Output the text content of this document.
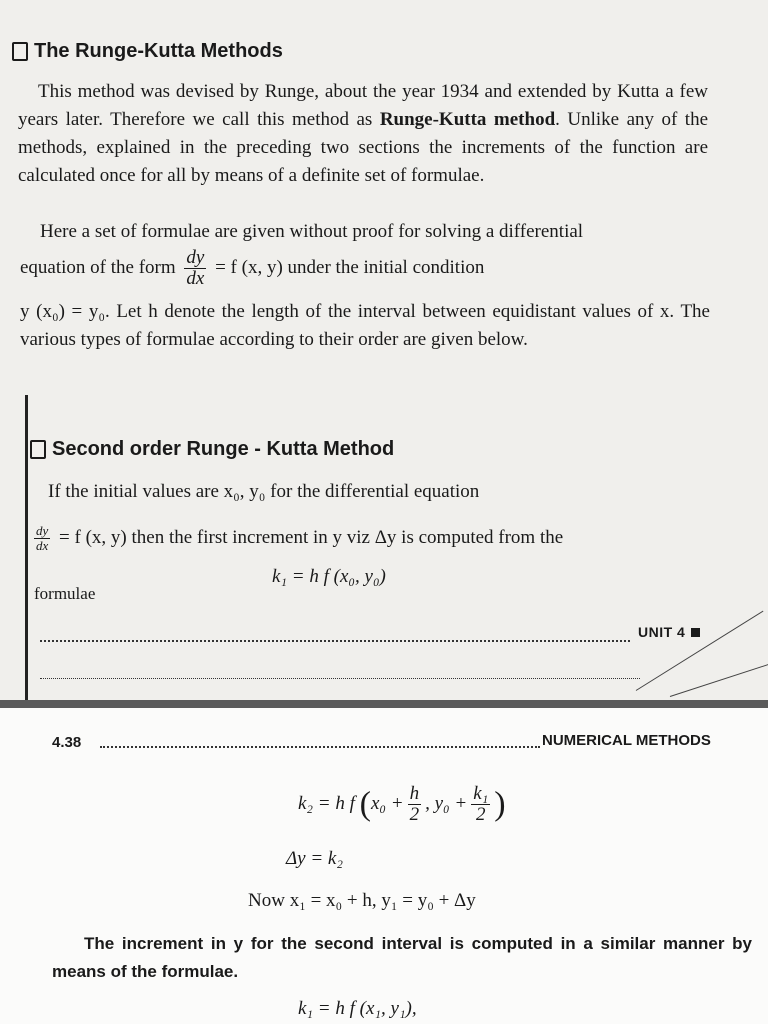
The Runge-Kutta Methods
This method was devised by Runge, about the year 1934 and extended by Kutta a few years later. Therefore we call this method as Runge-Kutta method. Unlike any of the methods, explained in the preceding two sections the increments of the function are calculated once for all by means of a definite set of formulae.
Here a set of formulae are given without proof for solving a differential
equation of the form $\frac{dy}{dx} = f$ (x, y) under the initial condition
y (x₀) = y₀. Let h denote the length of the interval between equidistant values of x. The various types of formulae according to their order are given below.
Second order Runge - Kutta Method
If the initial values are x₀, y₀ for the differential equation
$\frac{dy}{dx} = f$ (x, y) then the first increment in y viz Δy is computed from the
formulae
k₁ = h f (x₀, y₀)
UNIT 4
4.38	NUMERICAL METHODS
k₂ = h f ($x_0 + \frac{h}{2}$ , $y_0 + \frac{\text{k₁}}{2}$ )
Δy = k₂
Now x₁ = x₀ + h, y₁ = y₀ + Δy
The increment in y for the second interval is computed in a similar manner by means of the formulae.
k₁ = h f (x₁, y₁),
